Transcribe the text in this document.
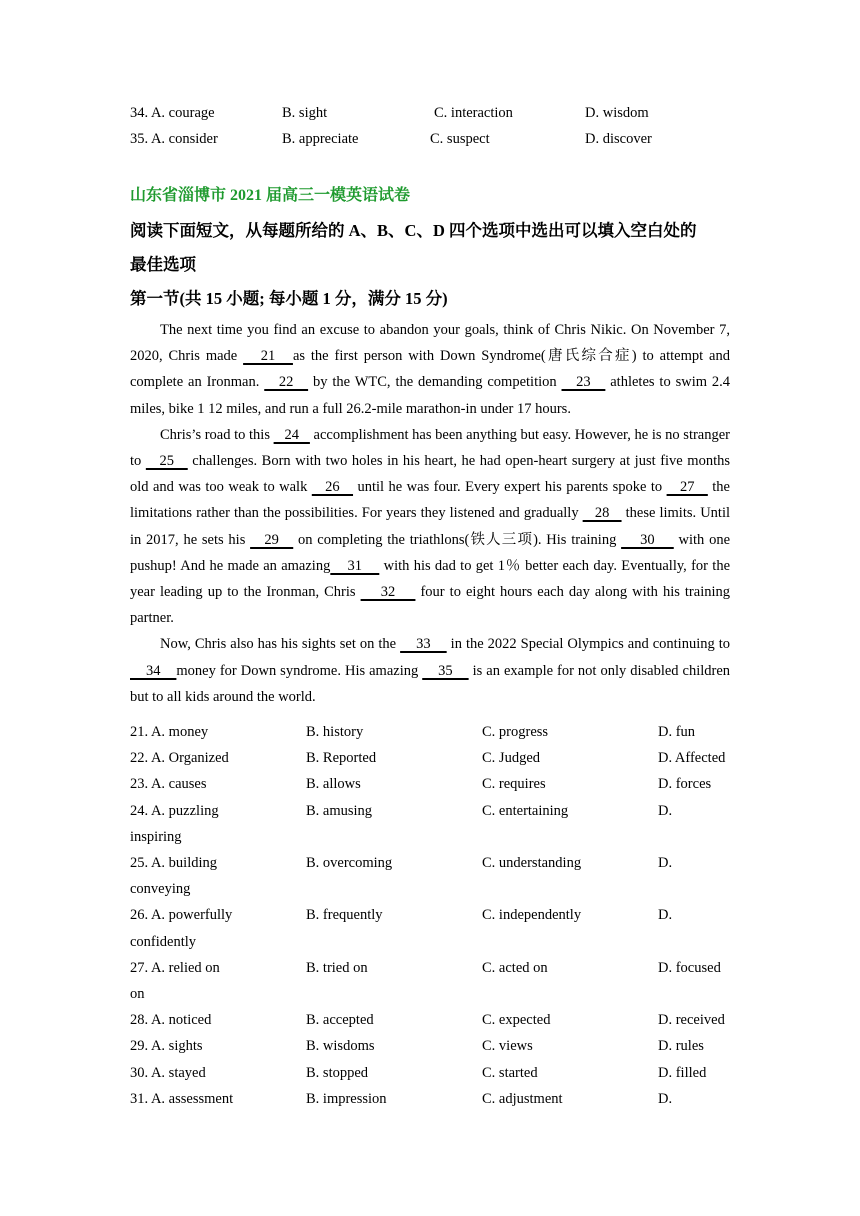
34. A. courage	B. sight	C. interaction	D. wisdom
35. A. consider	B. appreciate	C. suspect	D. discover
山东省淄博市 2021 届高三一模英语试卷
阅读下面短文，从每题所给的 A、B、C、D 四个选项中选出可以填入空白处的
最佳选项
第一节(共 15 小题; 每小题 1 分，满分 15 分)

The next time you find an excuse to abandon your goals, think of Chris Nikic. On November 7, 2020, Chris made    21   as the first person with Down Syndrome(唐氏综合症) to attempt and complete an Ironman.    22    by the WTC, the demanding competition    23    athletes to swim 2.4 miles, bike 1 12 miles, and run a full 26.2-mile marathon-in under 17 hours.

Chris’s road to this    24    accomplishment has been anything but easy. However, he is no stranger to    25    challenges. Born with two holes in his heart, he had open-heart surgery at just five months old and was too weak to walk    26    until he was four. Every expert his parents spoke to    27    the limitations rather than the possibilities. For years they listened and gradually    28    these limits. Until in 2017, he sets his    29    on completing the triathlons(铁人三项). His training     30     with one pushup! And he made an amazing    31     with his dad to get 1％ better each day. Eventually, for the year leading up to the Ironman, Chris     32     four to eight hours each day along with his training partner.

Now, Chris also has his sights set on the     33     in the 2022 Special Olympics and continuing to    34    money for Down syndrome. His amazing     35     is an example for not only disabled children but to all kids around the world.

21. A. money	B. history	C. progress	D. fun
22. A. Organized	B. Reported	C. Judged	D. Affected
23. A. causes	B. allows	C. requires	D. forces
24. A. puzzling	B. amusing	C. entertaining	D.
inspiring
25. A. building	B. overcoming	C. understanding	D.
conveying
26. A. powerfully	B. frequently	C. independently	D.
confidently
27. A. relied on	B. tried on	C. acted on	D. focused
on
28. A. noticed	B. accepted	C. expected	D. received
29. A. sights	B. wisdoms	C. views	D. rules
30. A. stayed	B. stopped	C. started	D. filled
31. A. assessment	B. impression	C. adjustment	D.
